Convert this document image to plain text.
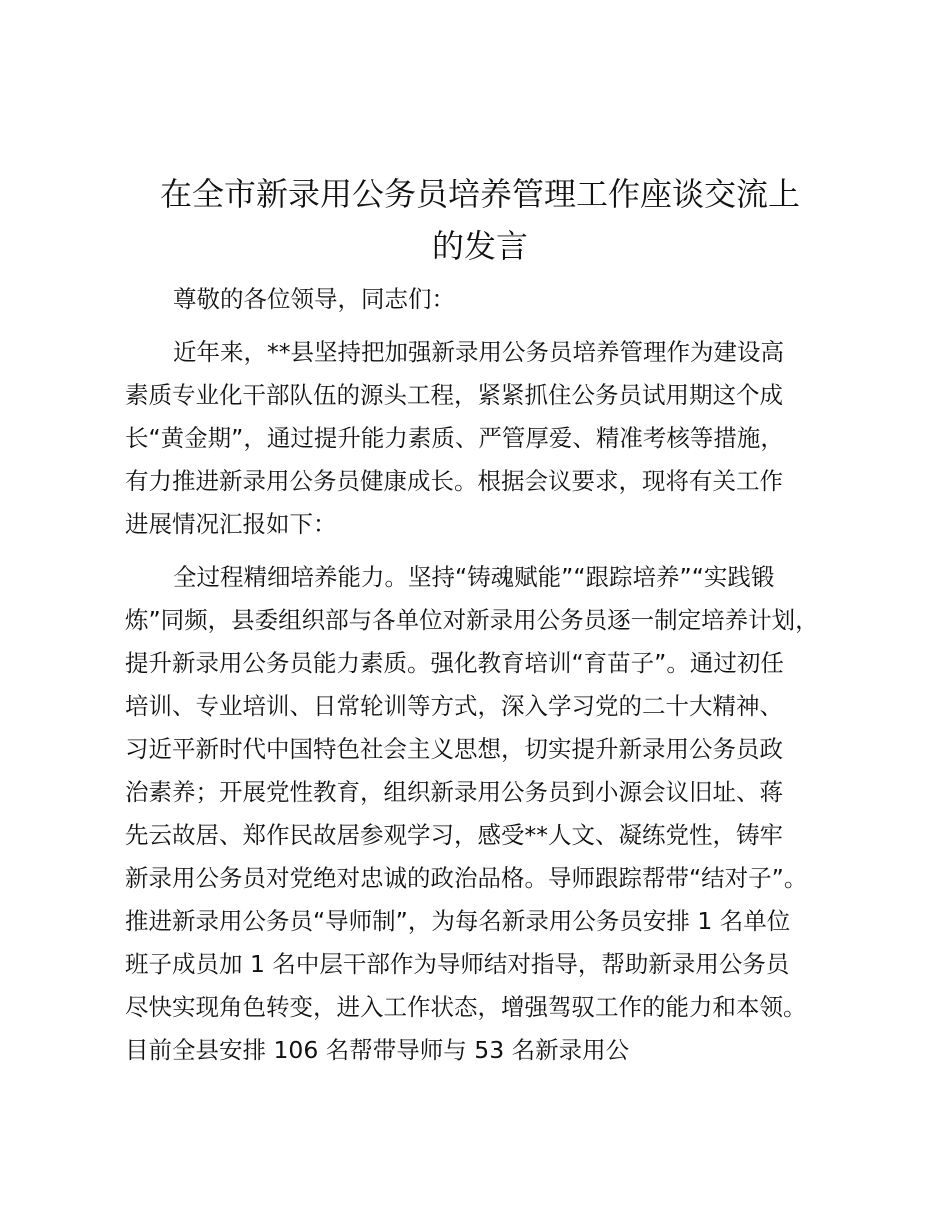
在全市新录用公务员培养管理工作座谈交流上
的发言

尊敬的各位领导，同志们：

近年来，**县坚持把加强新录用公务员培养管理作为建设高

素质专业化干部队伍的源头工程，紧紧抓住公务员试用期这个成

长“黄金期”，通过提升能力素质、严管厚爱、精准考核等措施，

有力推进新录用公务员健康成长。根据会议要求，现将有关工作

进展情况汇报如下：

全过程精细培养能力。坚持“铸魂赋能”“跟踪培养”“实践锻

炼”同频，县委组织部与各单位对新录用公务员逐一制定培养计划，

提升新录用公务员能力素质。强化教育培训“育苗子”。通过初任

培训、专业培训、日常轮训等方式，深入学习党的二十大精神、

习近平新时代中国特色社会主义思想，切实提升新录用公务员政

治素养；开展党性教育，组织新录用公务员到小源会议旧址、蒋

先云故居、郑作民故居参观学习，感受**人文、凝练党性，铸牢

新录用公务员对党绝对忠诚的政治品格。导师跟踪帮带“结对子”。

推进新录用公务员“导师制”，为每名新录用公务员安排 1 名单位

班子成员加 1 名中层干部作为导师结对指导，帮助新录用公务员

尽快实现角色转变，进入工作状态，增强驾驭工作的能力和本领。

目前全县安排 106 名帮带导师与 53 名新录用公
